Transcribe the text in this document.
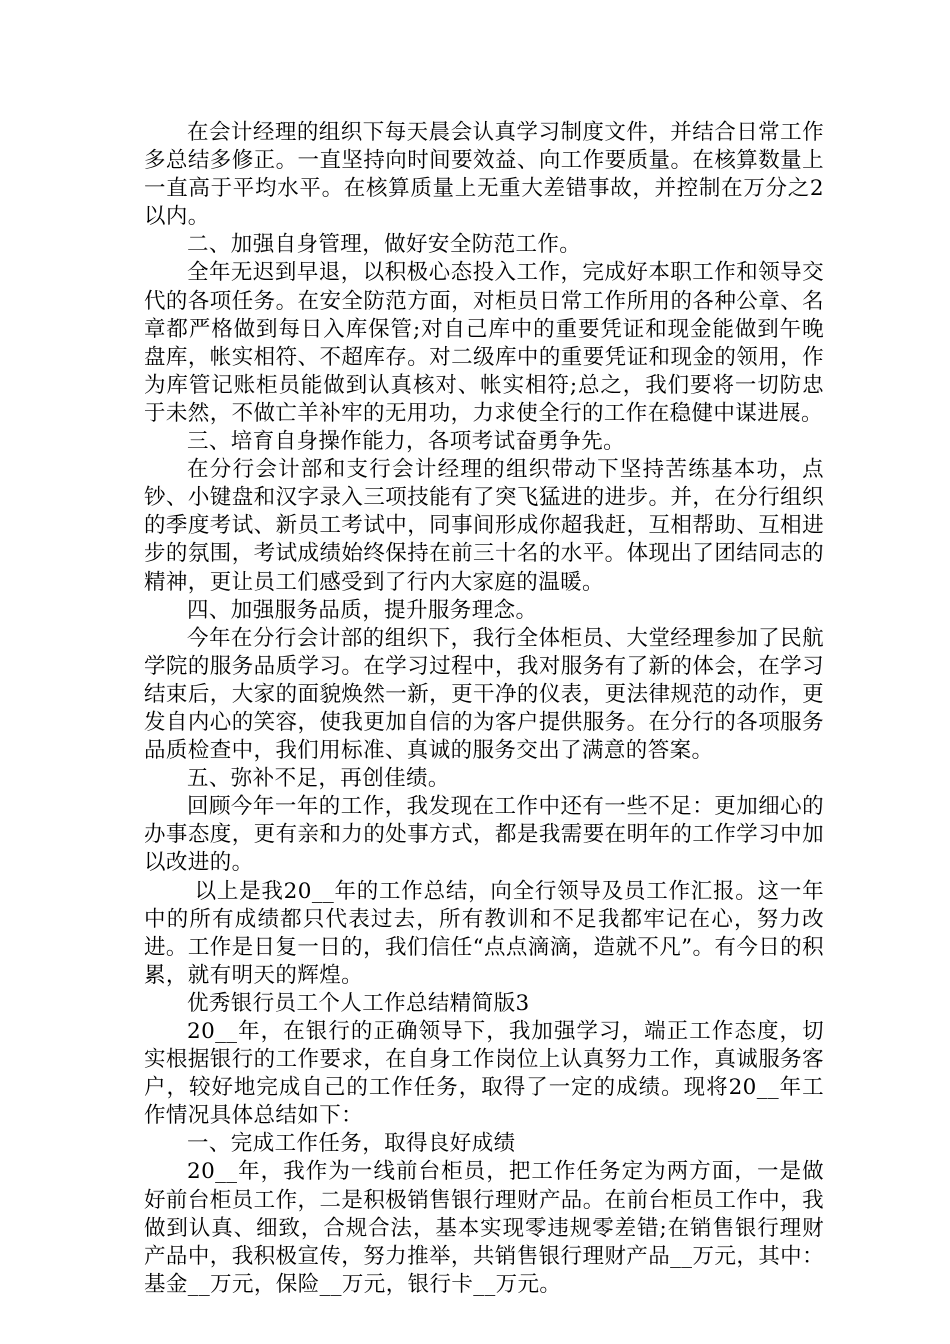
在会计经理的组织下每天晨会认真学习制度文件，并结合日常工作多总结多修正。一直坚持向时间要效益、向工作要质量。在核算数量上一直高于平均水平。在核算质量上无重大差错事故，并控制在万分之2以内。

二、加强自身管理，做好安全防范工作。

全年无迟到早退，以积极心态投入工作，完成好本职工作和领导交代的各项任务。在安全防范方面，对柜员日常工作所用的各种公章、名章都严格做到每日入库保管;对自己库中的重要凭证和现金能做到午晚盘库，帐实相符、不超库存。对二级库中的重要凭证和现金的领用，作为库管记账柜员能做到认真核对、帐实相符;总之，我们要将一切防忠于未然，不做亡羊补牢的无用功，力求使全行的工作在稳健中谋进展。

三、培育自身操作能力，各项考试奋勇争先。

在分行会计部和支行会计经理的组织带动下坚持苦练基本功，点钞、小键盘和汉字录入三项技能有了突飞猛进的进步。并，在分行组织的季度考试、新员工考试中，同事间形成你超我赶，互相帮助、互相进步的氛围，考试成绩始终保持在前三十名的水平。体现出了团结同志的精神，更让员工们感受到了行内大家庭的温暖。

四、加强服务品质，提升服务理念。

今年在分行会计部的组织下，我行全体柜员、大堂经理参加了民航学院的服务品质学习。在学习过程中，我对服务有了新的体会，在学习结束后，大家的面貌焕然一新，更干净的仪表，更法律规范的动作，更发自内心的笑容，使我更加自信的为客户提供服务。在分行的各项服务品质检查中，我们用标准、真诚的服务交出了满意的答案。

五、弥补不足，再创佳绩。

回顾今年一年的工作，我发现在工作中还有一些不足：更加细心的办事态度，更有亲和力的处事方式，都是我需要在明年的工作学习中加以改进的。

以上是我20__年的工作总结，向全行领导及员工作汇报。这一年中的所有成绩都只代表过去，所有教训和不足我都牢记在心，努力改进。工作是日复一日的，我们信任“点点滴滴，造就不凡”。有今日的积累，就有明天的辉煌。

优秀银行员工个人工作总结精简版3

20__年，在银行的正确领导下，我加强学习，端正工作态度，切实根据银行的工作要求，在自身工作岗位上认真努力工作，真诚服务客户，较好地完成自己的工作任务，取得了一定的成绩。现将20__年工作情况具体总结如下：

一、完成工作任务，取得良好成绩

20__年，我作为一线前台柜员，把工作任务定为两方面，一是做好前台柜员工作，二是积极销售银行理财产品。在前台柜员工作中，我做到认真、细致，合规合法，基本实现零违规零差错;在销售银行理财产品中，我积极宣传，努力推举，共销售银行理财产品__万元，其中：基金__万元，保险__万元，银行卡__万元。
